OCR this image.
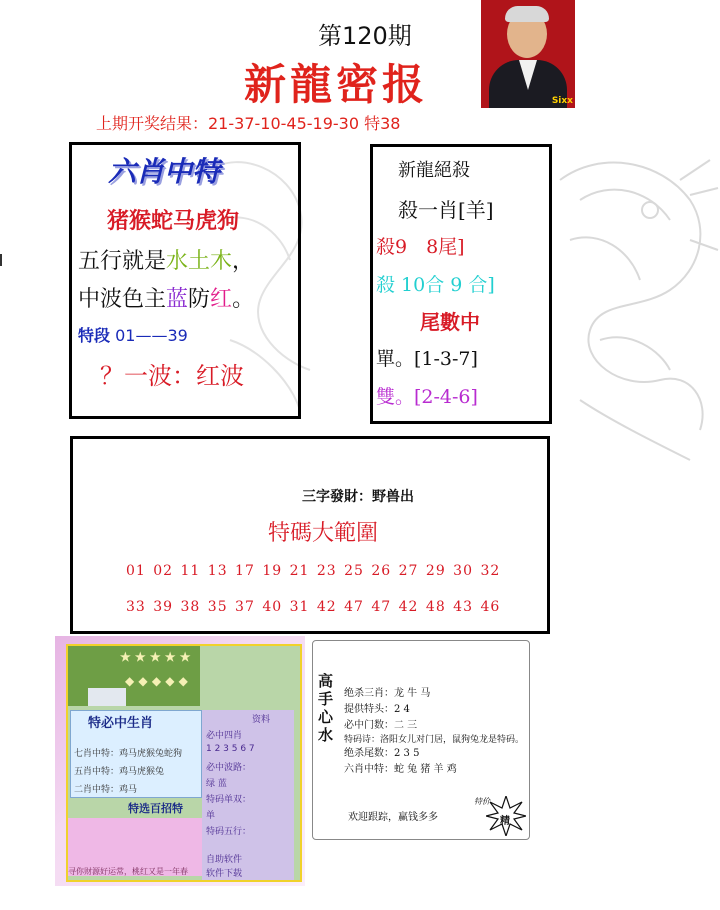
第120期
新龍密报	Sixx
上期开奖结果：21-37-10-45-19-30 特38
六肖中特
猪猴蛇马虎狗
五行就是水土木，
中波色主蓝防红。
特段 01——39
？一波：红波
新龍絕殺
殺一肖[羊]
殺9　8尾]
殺 10合 9 合]
尾數中
單。[1-3-7]
雙。[2-4-6]
三字發財：野兽出
特碼大範圍
01 02 11 13 17 19 21 23 25 26 27 29 30 32
33 39 38 35 37 40 31 42 47 47 42 48 43 46
★ ★ ★ ★ ★
◆ ◆ ◆ ◆ ◆
特必中生肖
七肖中特：鸡马虎猴兔蛇狗
五肖中特：鸡马虎猴兔
二肖中特：鸡马
资料
必中四肖
1 2 3 5 6 7
必中波路：
绿 蓝
特码单双：
单
特码五行：
自助软件
软件下载
特选百招特
寻你财源好运常，桃红又是一年春
高手心水
绝杀三肖：龙 牛 马
提供特头：2 4
必中门数：二 三
特码诗：洛阳女儿对门居，鼠狗兔龙是特码。
绝杀尾数：2 3 5
六肖中特：蛇 兔 猪 羊 鸡
欢迎跟踪，赢钱多多	精
特价
